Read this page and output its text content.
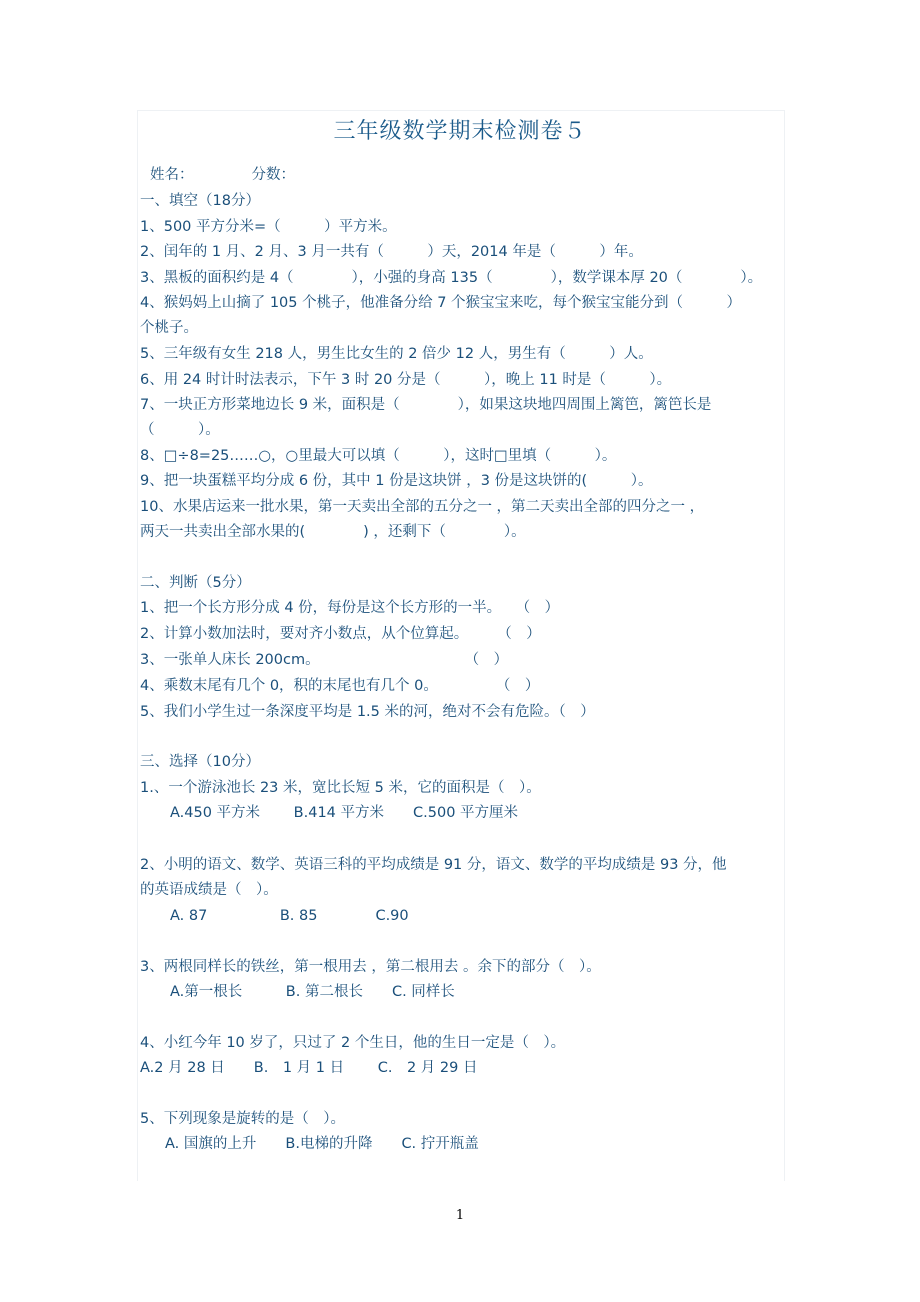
三年级数学期末检测卷５
姓名：	分数：
一、填空（18分）
1、500 平方分米=（　　　）平方米。
2、闰年的 1 月、2 月、3 月一共有（　　　）天，2014 年是（　　　）年。
3、黑板的面积约是 4（　　　　），小强的身高 135（　　　　），数学课本厚 20（　　　　）。
4、猴妈妈上山摘了 105 个桃子，他准备分给 7 个猴宝宝来吃，每个猴宝宝能分到（　　　）
个桃子。
5、三年级有女生 218 人，男生比女生的 2 倍少 12 人，男生有（　　　）人。
6、用 24 时计时法表示，下午 3 时 20 分是（　　　），晚上 11 时是（　　　）。
7、一块正方形菜地边长 9 米，面积是（　　　　），如果这块地四周围上篱笆，篱笆长是
（　　　）。
8、□÷8=25……○，○里最大可以填（　　　），这时□里填（　　　）。
9、把一块蛋糕平均分成 6 份，其中 1 份是这块饼 ，3 份是这块饼的(　　　）。
10、水果店运来一批水果，第一天卖出全部的五分之一 ，第二天卖出全部的四分之一 ，
两天一共卖出全部水果的(　　　　) ，还剩下（　　　　）。
二、判断（5分）
1、把一个长方形分成 4 份，每份是这个长方形的一半。　　（　）
2、计算小数加法时，要对齐小数点，从个位算起。　　　（　）
3、一张单人床长 200cm。　　　　　　　　　　　（　）
4、乘数末尾有几个 0，积的末尾也有几个 0。　　　　　（　）
5、我们小学生过一条深度平均是 1.5 米的河，绝对不会有危险。（　）
三、选择（10分）
1.、一个游泳池长 23 米，宽比长短 5 米，它的面积是（　）。
A.450 平方米　　 B.414 平方米　　C.500 平方厘米
2、小明的语文、数学、英语三科的平均成绩是 91 分，语文、数学的平均成绩是 93 分，他
的英语成绩是（　）。
A. 87　　　　　B. 85　　　　C.90
3、两根同样长的铁丝，第一根用去 ，第二根用去 。余下的部分（　）。
A.第一根长　　　B. 第二根长　　C. 同样长
4、小红今年 10 岁了，只过了 2 个生日，他的生日一定是（　）。
A.2 月 28 日　　B.　1 月 1 日　　 C.　2 月 29 日
5、下列现象是旋转的是（　）。
A. 国旗的上升　　B.电梯的升降　　C. 拧开瓶盖
1
